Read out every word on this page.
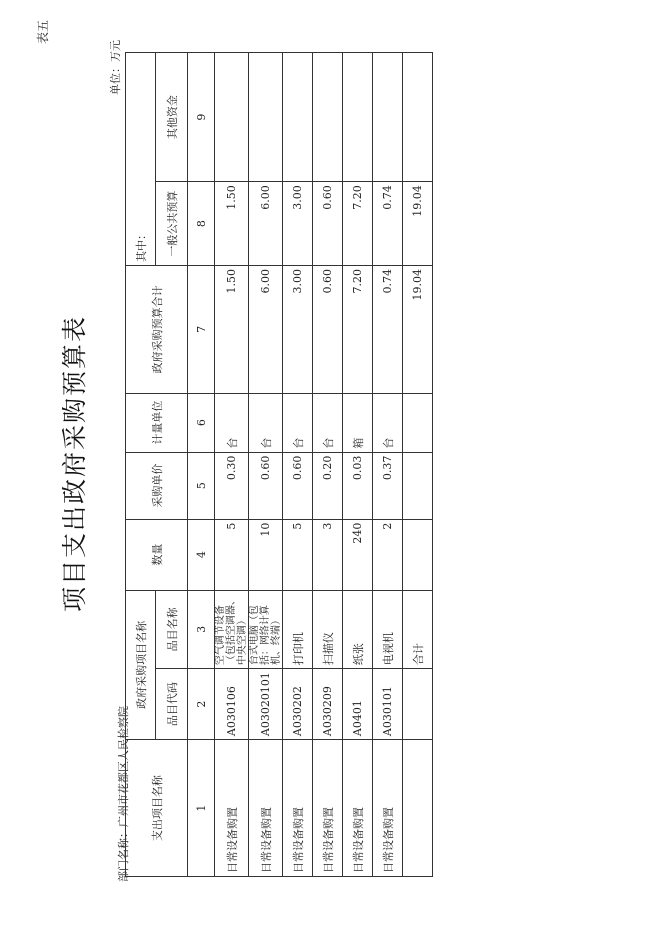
表五
项目支出政府采购预算表
部门名称：广州市花都区人民检察院
单位：万元
支出项目名称	政府采购项目名称		数量	采购单价	计量单位	政府采购预算合计	其中：	
	品目代码	品目名称					一般公共预算	其他资金
1	2	3	4	5	6	7	8	9
日常设备购置	A030106	空气调节设备（包括空调器、中央空调）	5	0.30	台	1.50	1.50	
日常设备购置	A03020101	台式电脑（包括：网络计算机、终端）	10	0.60	台	6.00	6.00	
日常设备购置	A030202	打印机	5	0.60	台	3.00	3.00	
日常设备购置	A030209	扫描仪	3	0.20	台	0.60	0.60	
日常设备购置	A0401	纸张	240	0.03	箱	7.20	7.20	
日常设备购置	A030101	电视机	2	0.37	台	0.74	0.74	
		合计				19.04	19.04	
